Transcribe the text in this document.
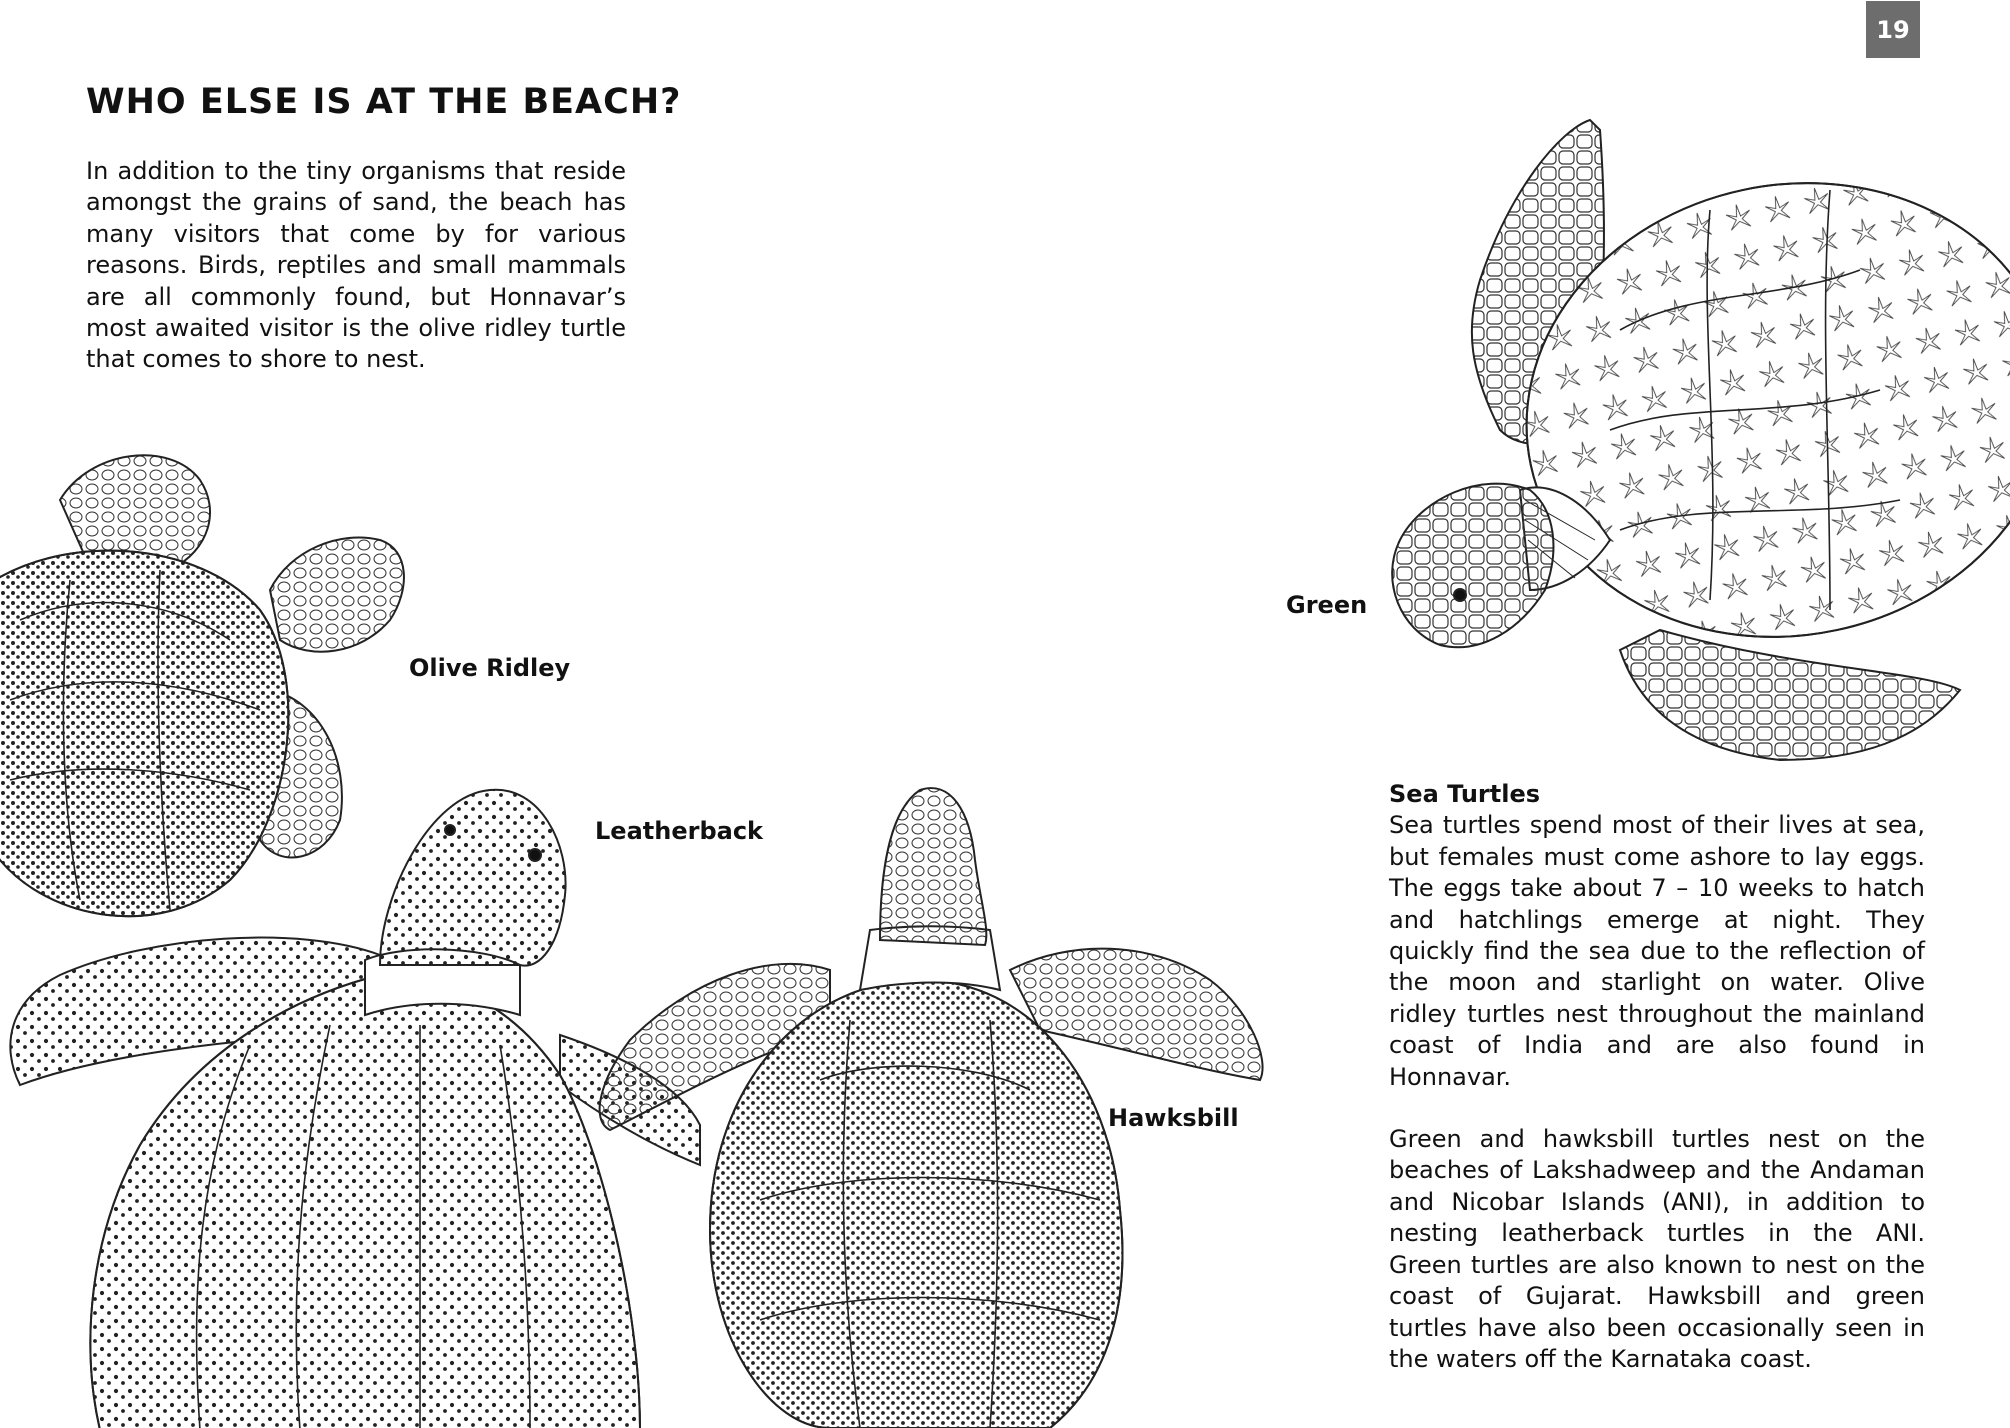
19
WHO ELSE IS AT THE BEACH?

In addition to the tiny organisms that reside amongst the grains of sand, the beach has many visitors that come by for various reasons. Birds, reptiles and small mammals are all commonly found, but Honnavar’s most awaited visitor is the olive ridley turtle that comes to shore to nest.

Olive Ridley
Leatherback
Hawksbill
Green
Sea Turtles

Sea turtles spend most of their lives at sea, but females must come ashore to lay eggs. The eggs take about 7 – 10 weeks to hatch and hatchlings emerge at night. They quickly find the sea due to the reflection of the moon and starlight on water. Olive ridley turtles nest throughout the mainland coast of India and are also found in Honnavar.

Green and hawksbill turtles nest on the beaches of Lakshadweep and the Andaman and Nicobar Islands (ANI), in addition to nesting leatherback turtles in the ANI. Green turtles are also known to nest on the coast of Gujarat. Hawksbill and green turtles have also been occasionally seen in the waters off the Karnataka coast.
